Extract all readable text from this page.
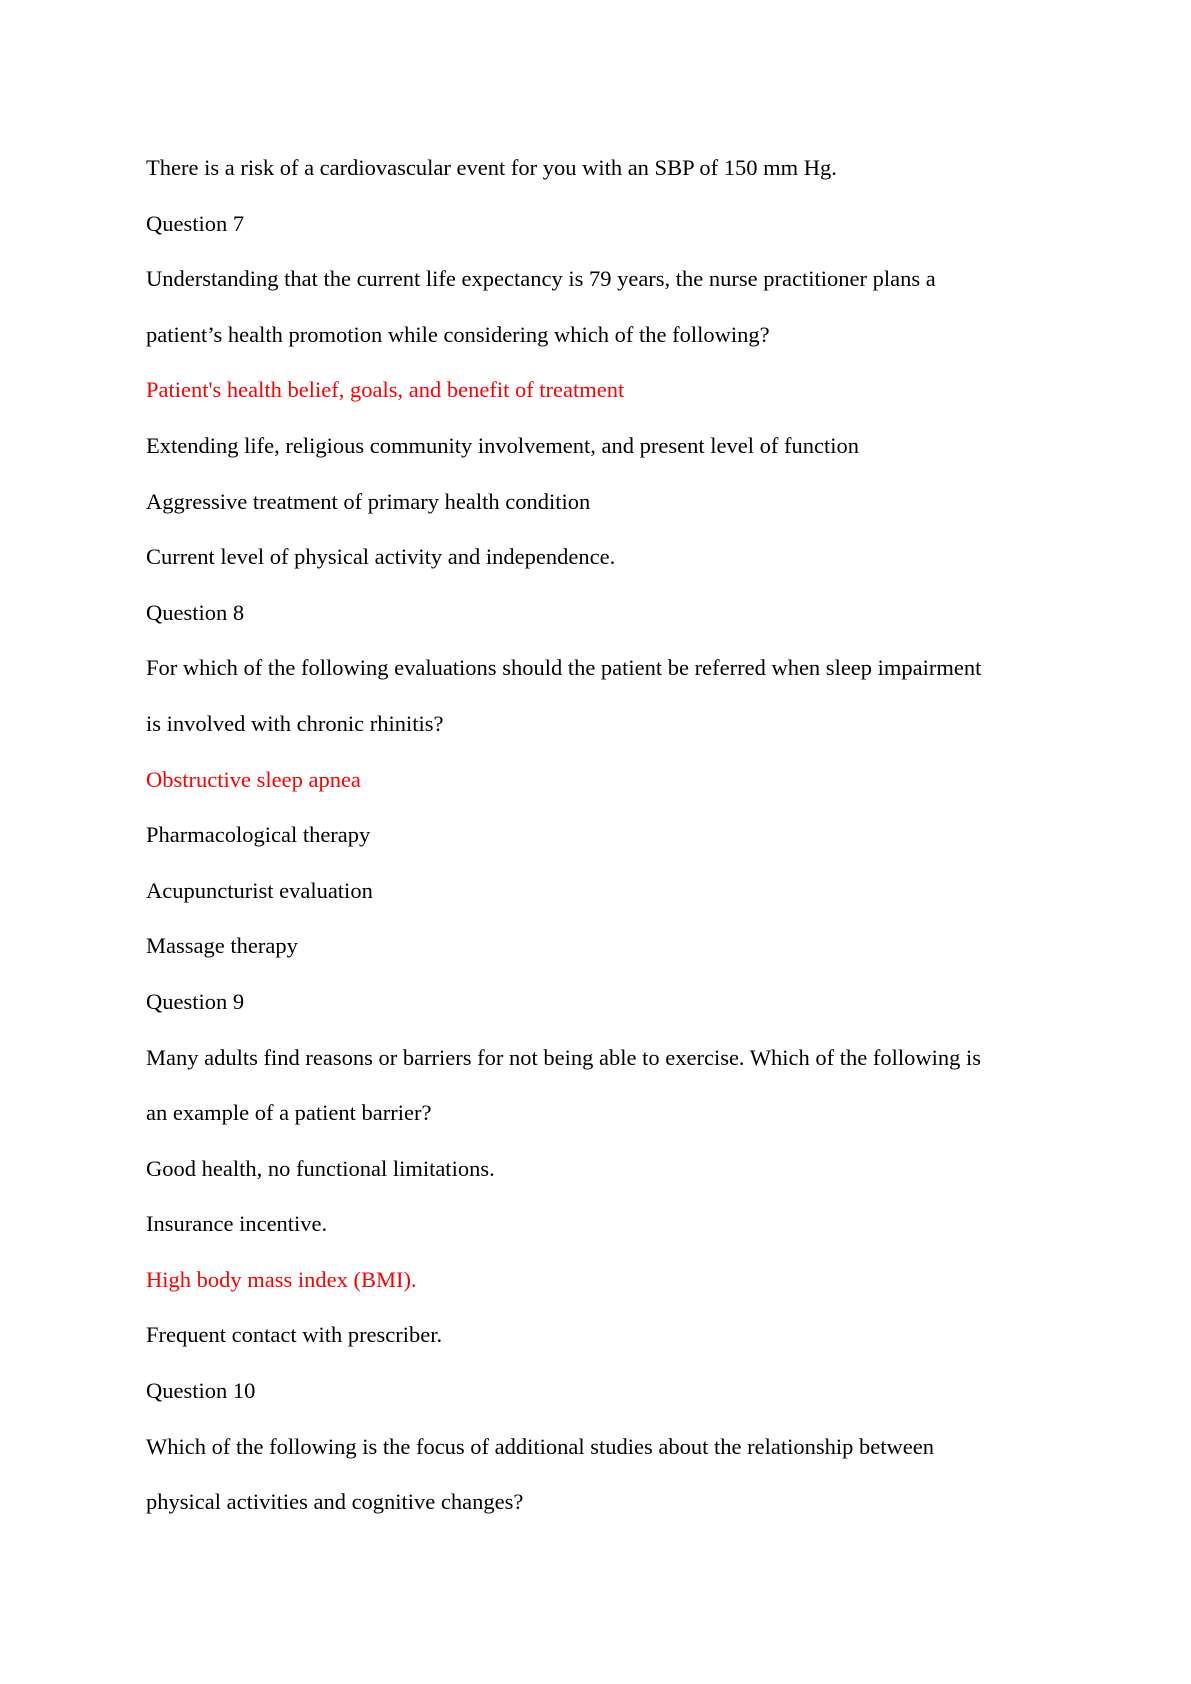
There is a risk of a cardiovascular event for you with an SBP of 150 mm Hg.
Question 7
Understanding that the current life expectancy is 79 years, the nurse practitioner plans a
patient’s health promotion while considering which of the following?
Patient's health belief, goals, and benefit of treatment
Extending life, religious community involvement, and present level of function
Aggressive treatment of primary health condition
Current level of physical activity and independence.
Question 8
For which of the following evaluations should the patient be referred when sleep impairment
is involved with chronic rhinitis?
Obstructive sleep apnea
Pharmacological therapy
Acupuncturist evaluation
Massage therapy
Question 9
Many adults find reasons or barriers for not being able to exercise. Which of the following is
an example of a patient barrier?
Good health, no functional limitations.
Insurance incentive.
High body mass index (BMI).
Frequent contact with prescriber.
Question 10
Which of the following is the focus of additional studies about the relationship between
physical activities and cognitive changes?
